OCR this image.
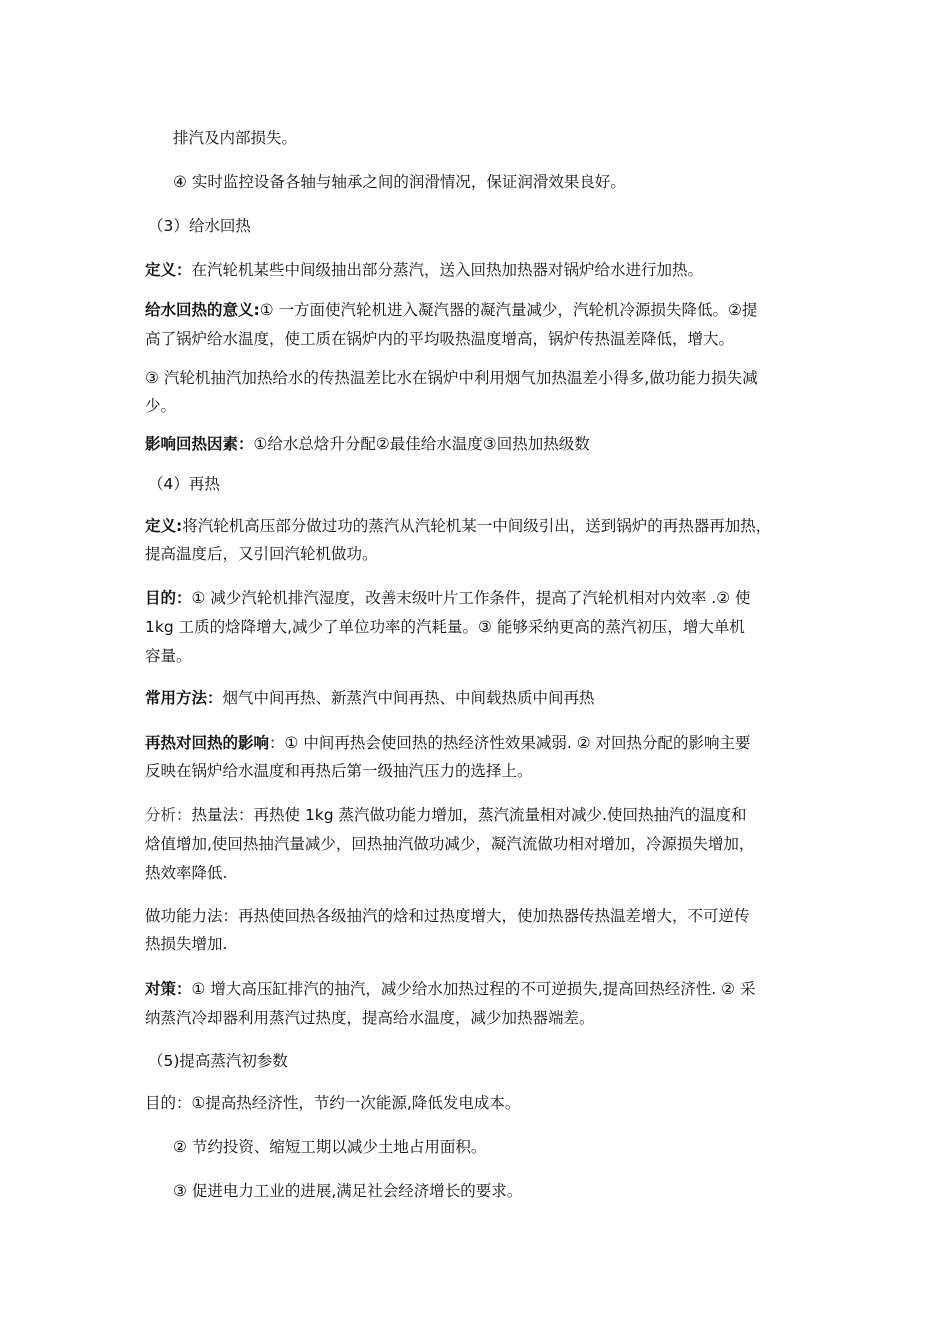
排汽及内部损失。
④ 实时监控设备各轴与轴承之间的润滑情况，保证润滑效果良好。
（3）给水回热
定义：在汽轮机某些中间级抽出部分蒸汽，送入回热加热器对锅炉给水进行加热。
给水回热的意义:① 一方面使汽轮机进入凝汽器的凝汽量减少，汽轮机冷源损失降低。②提
高了锅炉给水温度，使工质在锅炉内的平均吸热温度增高，锅炉传热温差降低，增大。
③ 汽轮机抽汽加热给水的传热温差比水在锅炉中利用烟气加热温差小得多,做功能力损失减
少。
影响回热因素：①给水总焓升分配②最佳给水温度③回热加热级数
（4）再热
定义:将汽轮机高压部分做过功的蒸汽从汽轮机某一中间级引出，送到锅炉的再热器再加热，
提高温度后，又引回汽轮机做功。
目的：① 减少汽轮机排汽湿度，改善末级叶片工作条件，提高了汽轮机相对内效率 .② 使
1kg 工质的焓降增大,减少了单位功率的汽耗量。③ 能够采纳更高的蒸汽初压，增大单机
容量。
常用方法：烟气中间再热、新蒸汽中间再热、中间载热质中间再热
再热对回热的影响：① 中间再热会使回热的热经济性效果减弱. ② 对回热分配的影响主要
反映在锅炉给水温度和再热后第一级抽汽压力的选择上。
分析：热量法：再热使 1kg 蒸汽做功能力增加，蒸汽流量相对减少.使回热抽汽的温度和
焓值增加,使回热抽汽量减少，回热抽汽做功减少，凝汽流做功相对增加，冷源损失增加，
热效率降低.
做功能力法：再热使回热各级抽汽的焓和过热度增大，使加热器传热温差增大，不可逆传
热损失增加.
对策：① 增大高压缸排汽的抽汽，减少给水加热过程的不可逆损失,提高回热经济性. ② 采
纳蒸汽冷却器利用蒸汽过热度，提高给水温度，减少加热器端差。
（5)提高蒸汽初参数
目的：①提高热经济性，节约一次能源,降低发电成本。
② 节约投资、缩短工期以减少土地占用面积。
③ 促进电力工业的进展,满足社会经济增长的要求。
